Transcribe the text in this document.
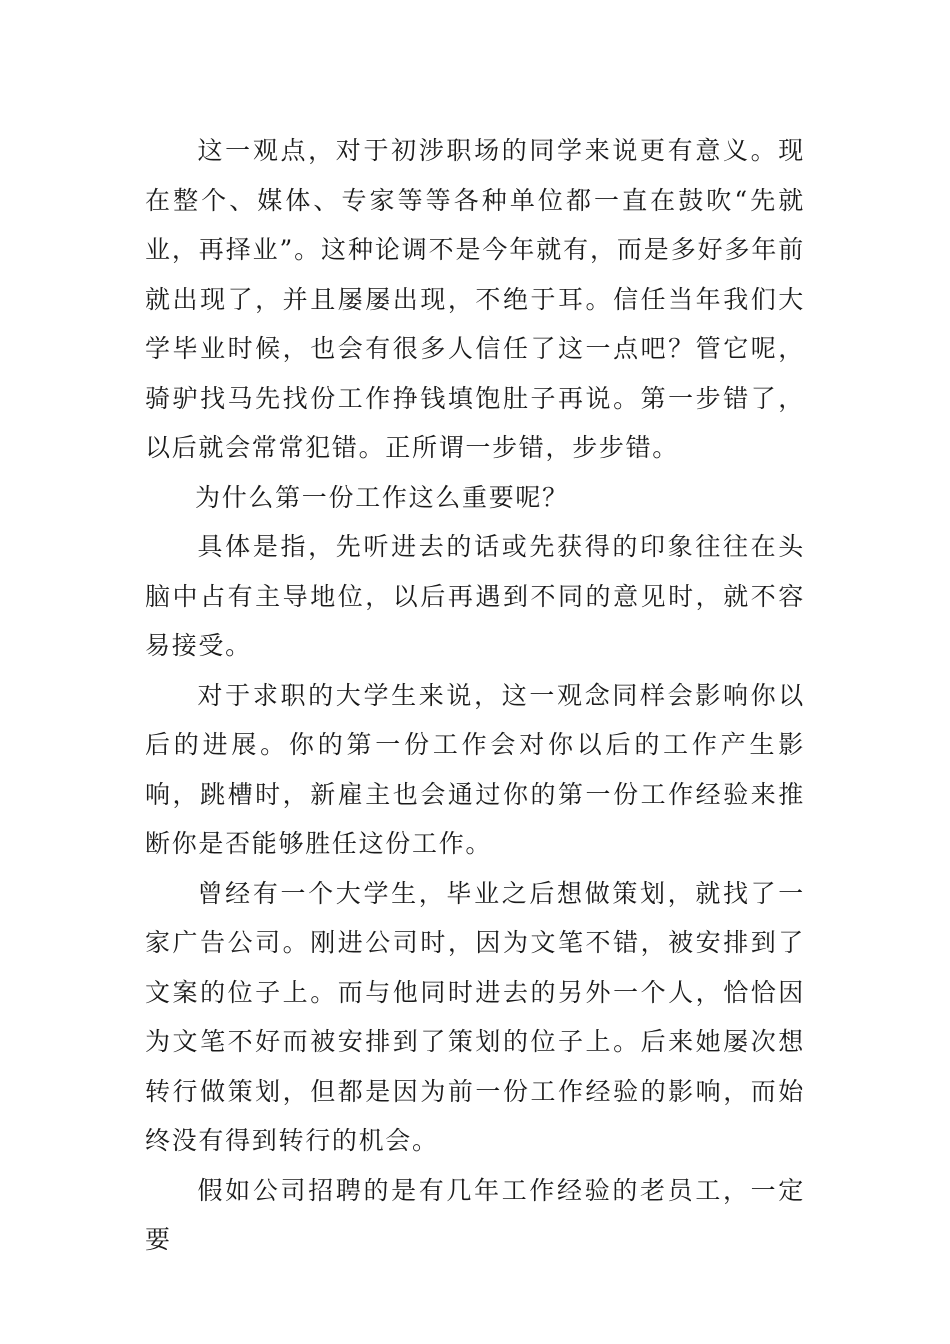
这一观点，对于初涉职场的同学来说更有意义。现在整个、媒体、专家等等各种单位都一直在鼓吹“先就业，再择业”。这种论调不是今年就有，而是多好多年前就出现了，并且屡屡出现，不绝于耳。信任当年我们大学毕业时候，也会有很多人信任了这一点吧？管它呢，骑驴找马先找份工作挣钱填饱肚子再说。第一步错了，以后就会常常犯错。正所谓一步错，步步错。

为什么第一份工作这么重要呢？

具体是指，先听进去的话或先获得的印象往往在头脑中占有主导地位，以后再遇到不同的意见时，就不容易接受。

对于求职的大学生来说，这一观念同样会影响你以后的进展。你的第一份工作会对你以后的工作产生影响，跳槽时，新雇主也会通过你的第一份工作经验来推断你是否能够胜任这份工作。

曾经有一个大学生，毕业之后想做策划，就找了一家广告公司。刚进公司时，因为文笔不错，被安排到了文案的位子上。而与他同时进去的另外一个人，恰恰因为文笔不好而被安排到了策划的位子上。后来她屡次想转行做策划，但都是因为前一份工作经验的影响，而始终没有得到转行的机会。

假如公司招聘的是有几年工作经验的老员工，一定要
